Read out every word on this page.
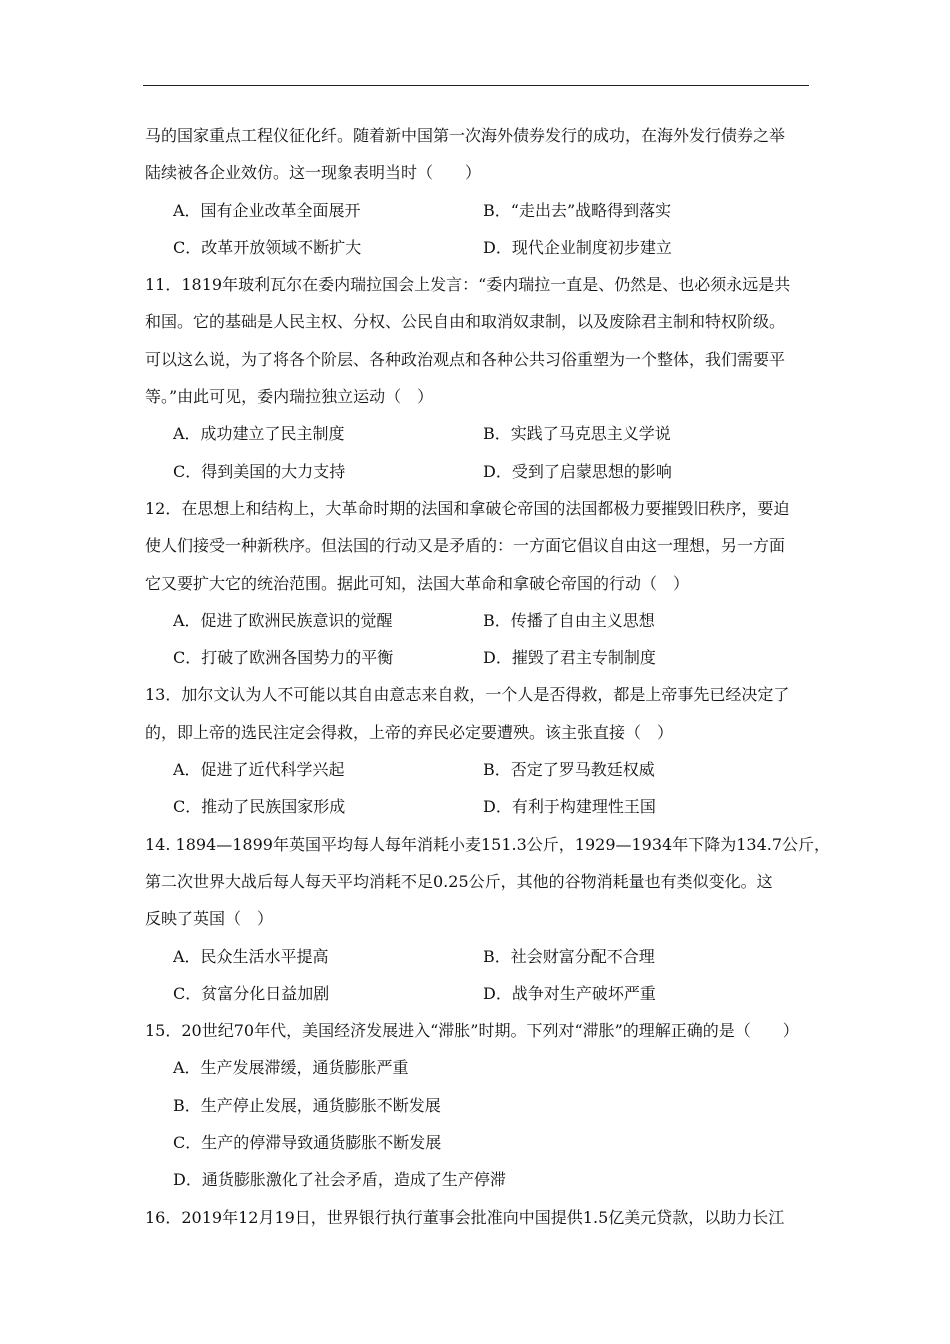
马的国家重点工程仪征化纤。随着新中国第一次海外债券发行的成功，在海外发行债券之举
陆续被各企业效仿。这一现象表明当时（　　）
A．国有企业改革全面展开	B．“走出去”战略得到落实
C．改革开放领域不断扩大	D．现代企业制度初步建立
11．1819年玻利瓦尔在委内瑞拉国会上发言：“委内瑞拉一直是、仍然是、也必须永远是共
和国。它的基础是人民主权、分权、公民自由和取消奴隶制，以及废除君主制和特权阶级。
可以这么说，为了将各个阶层、各种政治观点和各种公共习俗重塑为一个整体，我们需要平
等。”由此可见，委内瑞拉独立运动（　）
A．成功建立了民主制度	B．实践了马克思主义学说
C．得到美国的大力支持	D．受到了启蒙思想的影响
12．在思想上和结构上，大革命时期的法国和拿破仑帝国的法国都极力要摧毁旧秩序，要迫
使人们接受一种新秩序。但法国的行动又是矛盾的：一方面它倡议自由这一理想，另一方面
它又要扩大它的统治范围。据此可知，法国大革命和拿破仑帝国的行动（　）
A．促进了欧洲民族意识的觉醒	B．传播了自由主义思想
C．打破了欧洲各国势力的平衡	D．摧毁了君主专制制度
13．加尔文认为人不可能以其自由意志来自救，一个人是否得救，都是上帝事先已经决定了
的，即上帝的选民注定会得救，上帝的弃民必定要遭殃。该主张直接（　）
A．促进了近代科学兴起	B．否定了罗马教廷权威
C．推动了民族国家形成	D．有利于构建理性王国
14. 1894—1899年英国平均每人每年消耗小麦151.3公斤，1929—1934年下降为134.7公斤，
第二次世界大战后每人每天平均消耗不足0.25公斤，其他的谷物消耗量也有类似变化。这
反映了英国（　）
A．民众生活水平提高	B．社会财富分配不合理
C．贫富分化日益加剧	D．战争对生产破坏严重
15．20世纪70年代，美国经济发展进入“滞胀”时期。下列对“滞胀”的理解正确的是（　　）
A．生产发展滞缓，通货膨胀严重
B．生产停止发展，通货膨胀不断发展
C．生产的停滞导致通货膨胀不断发展
D．通货膨胀激化了社会矛盾，造成了生产停滞
16．2019年12月19日，世界银行执行董事会批准向中国提供1.5亿美元贷款，以助力长江
